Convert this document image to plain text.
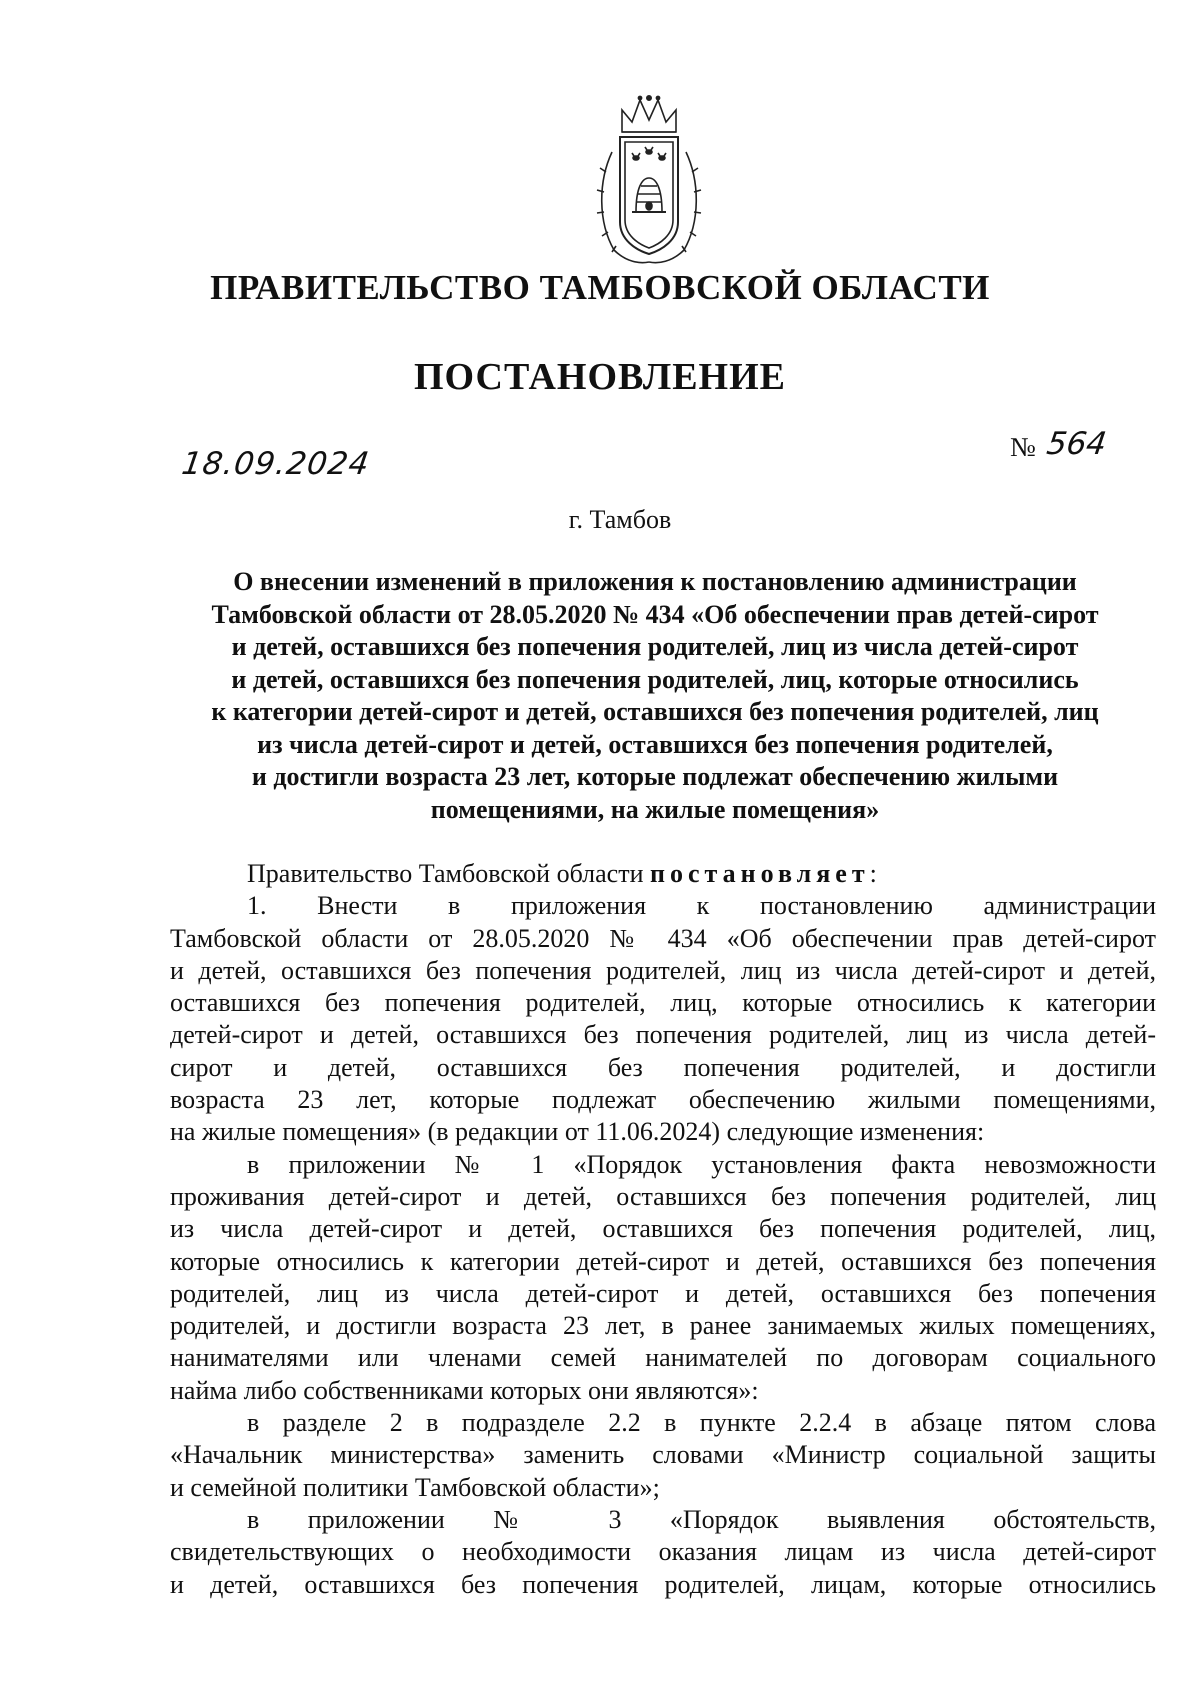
ПРАВИТЕЛЬСТВО ТАМБОВСКОЙ ОБЛАСТИ
ПОСТАНОВЛЕНИЕ
18.09.2024	№ 564
г. Тамбов
О внесении изменений в приложения к постановлению администрации
Тамбовской области от 28.05.2020 № 434 «Об обеспечении прав детей-сирот
и детей, оставшихся без попечения родителей, лиц из числа детей-сирот
и детей, оставшихся без попечения родителей, лиц, которые относились
к категории детей-сирот и детей, оставшихся без попечения родителей, лиц
из числа детей-сирот и детей, оставшихся без попечения родителей,
и достигли возраста 23 лет, которые подлежат обеспечению жилыми
помещениями, на жилые помещения»

Правительство Тамбовской области постановляет:

1. Внести в приложения к постановлению администрации
Тамбовской области от 28.05.2020 № 434 «Об обеспечении прав детей-сирот
и детей, оставшихся без попечения родителей, лиц из числа детей-сирот и детей,
оставшихся без попечения родителей, лиц, которые относились к категории
детей-сирот и детей, оставшихся без попечения родителей, лиц из числа детей-
сирот и детей, оставшихся без попечения родителей, и достигли
возраста 23 лет, которые подлежат обеспечению жилыми помещениями,
на жилые помещения» (в редакции от 11.06.2024) следующие изменения:
в приложении № 1 «Порядок установления факта невозможности
проживания детей-сирот и детей, оставшихся без попечения родителей, лиц
из числа детей-сирот и детей, оставшихся без попечения родителей, лиц,
которые относились к категории детей-сирот и детей, оставшихся без попечения
родителей, лиц из числа детей-сирот и детей, оставшихся без попечения
родителей, и достигли возраста 23 лет, в ранее занимаемых жилых помещениях,
нанимателями или членами семей нанимателей по договорам социального
найма либо собственниками которых они являются»:
в разделе 2 в подразделе 2.2 в пункте 2.2.4 в абзаце пятом слова
«Начальник министерства» заменить словами «Министр социальной защиты
и семейной политики Тамбовской области»;
в приложении № 3 «Порядок выявления обстоятельств,
свидетельствующих о необходимости оказания лицам из числа детей-сирот
и детей, оставшихся без попечения родителей, лицам, которые относились
